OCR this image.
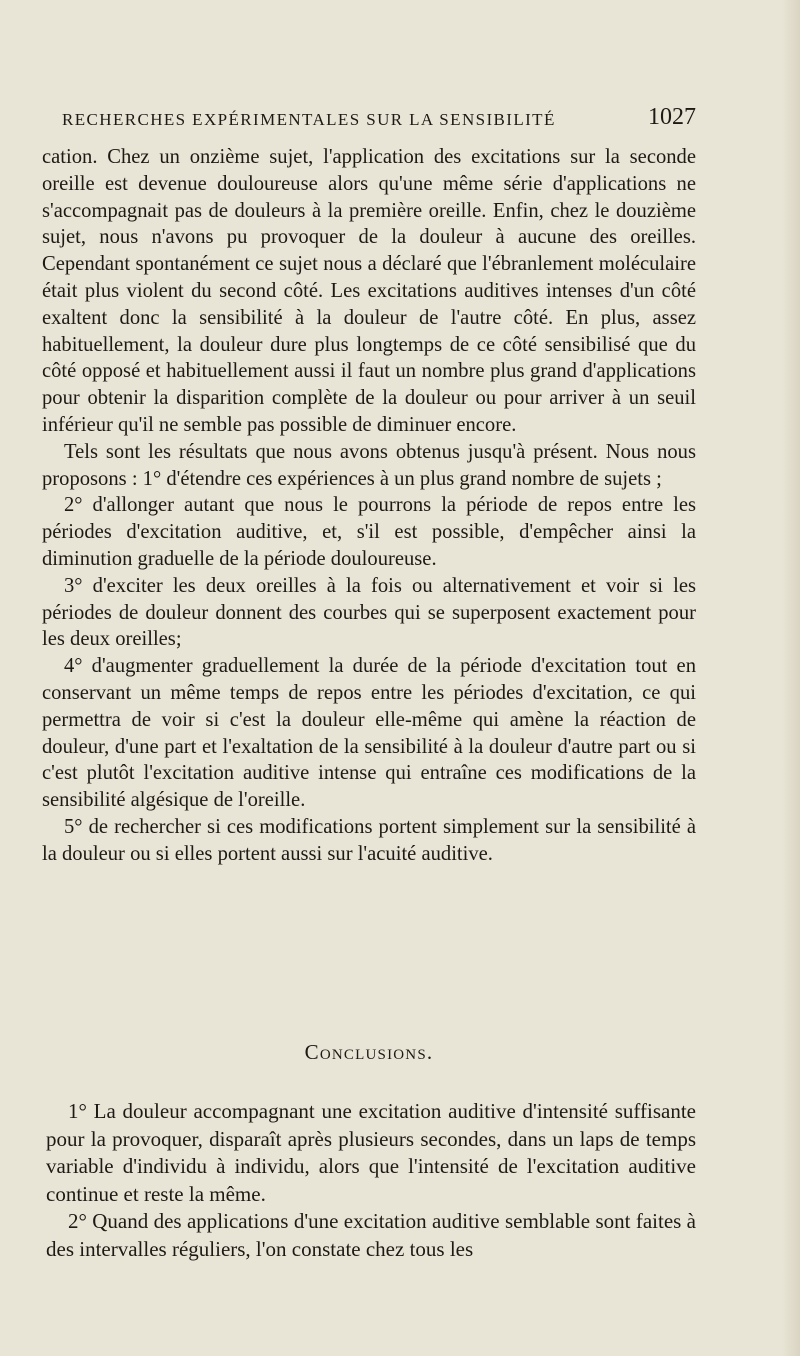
RECHERCHES EXPÉRIMENTALES SUR LA SENSIBILITÉ	1027

cation. Chez un onzième sujet, l'application des excitations sur la seconde oreille est devenue douloureuse alors qu'une même série d'applications ne s'accompagnait pas de douleurs à la première oreille. Enfin, chez le douzième sujet, nous n'avons pu provoquer de la douleur à aucune des oreilles. Cependant spontanément ce sujet nous a déclaré que l'ébranlement moléculaire était plus violent du second côté. Les excitations auditives intenses d'un côté exaltent donc la sensibilité à la douleur de l'autre côté. En plus, assez habituellement, la douleur dure plus longtemps de ce côté sensibilisé que du côté opposé et habituellement aussi il faut un nombre plus grand d'applications pour obtenir la disparition complète de la douleur ou pour arriver à un seuil inférieur qu'il ne semble pas possible de diminuer encore.

Tels sont les résultats que nous avons obtenus jusqu'à présent. Nous nous proposons : 1° d'étendre ces expériences à un plus grand nombre de sujets ;

2° d'allonger autant que nous le pourrons la période de repos entre les périodes d'excitation auditive, et, s'il est possible, d'empêcher ainsi la diminution graduelle de la période douloureuse.

3° d'exciter les deux oreilles à la fois ou alternativement et voir si les périodes de douleur donnent des courbes qui se superposent exactement pour les deux oreilles;

4° d'augmenter graduellement la durée de la période d'excitation tout en conservant un même temps de repos entre les périodes d'excitation, ce qui permettra de voir si c'est la douleur elle-même qui amène la réaction de douleur, d'une part et l'exaltation de la sensibilité à la douleur d'autre part ou si c'est plutôt l'excitation auditive intense qui entraîne ces modifications de la sensibilité algésique de l'oreille.

5° de rechercher si ces modifications portent simplement sur la sensibilité à la douleur ou si elles portent aussi sur l'acuité auditive.

Conclusions.

1° La douleur accompagnant une excitation auditive d'intensité suffisante pour la provoquer, disparaît après plusieurs secondes, dans un laps de temps variable d'individu à individu, alors que l'intensité de l'excitation auditive continue et reste la même.

2° Quand des applications d'une excitation auditive semblable sont faites à des intervalles réguliers, l'on constate chez tous les
